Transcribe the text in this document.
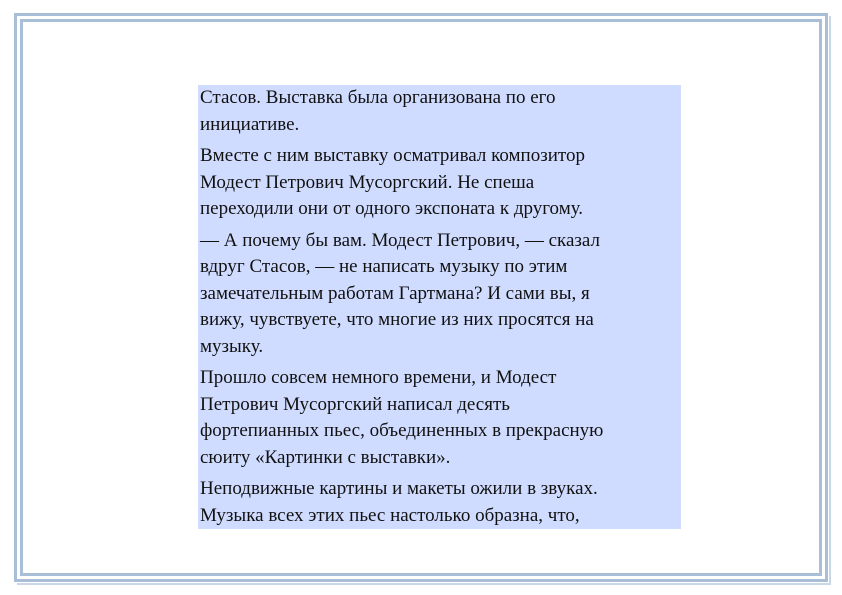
Стасов. Выставка была организована по его
инициативе.

Вместе с ним выставку осматривал композитор
Модест Петрович Мусоргский. Не спеша
переходили они от одного экспоната к другому.

— А почему бы вам. Модест Петрович, — сказал
вдруг Стасов, — не написать музыку по этим
замечательным работам Гартмана? И сами вы, я
вижу, чувствуете, что многие из них просятся на
музыку.

Прошло совсем немного времени, и Модест
Петрович Мусоргский написал десять
фортепианных пьес, объединенных в прекрасную
сюиту «Картинки с выставки».

Неподвижные картины и макеты ожили в звуках.
Музыка всех этих пьес настолько образна, что,
